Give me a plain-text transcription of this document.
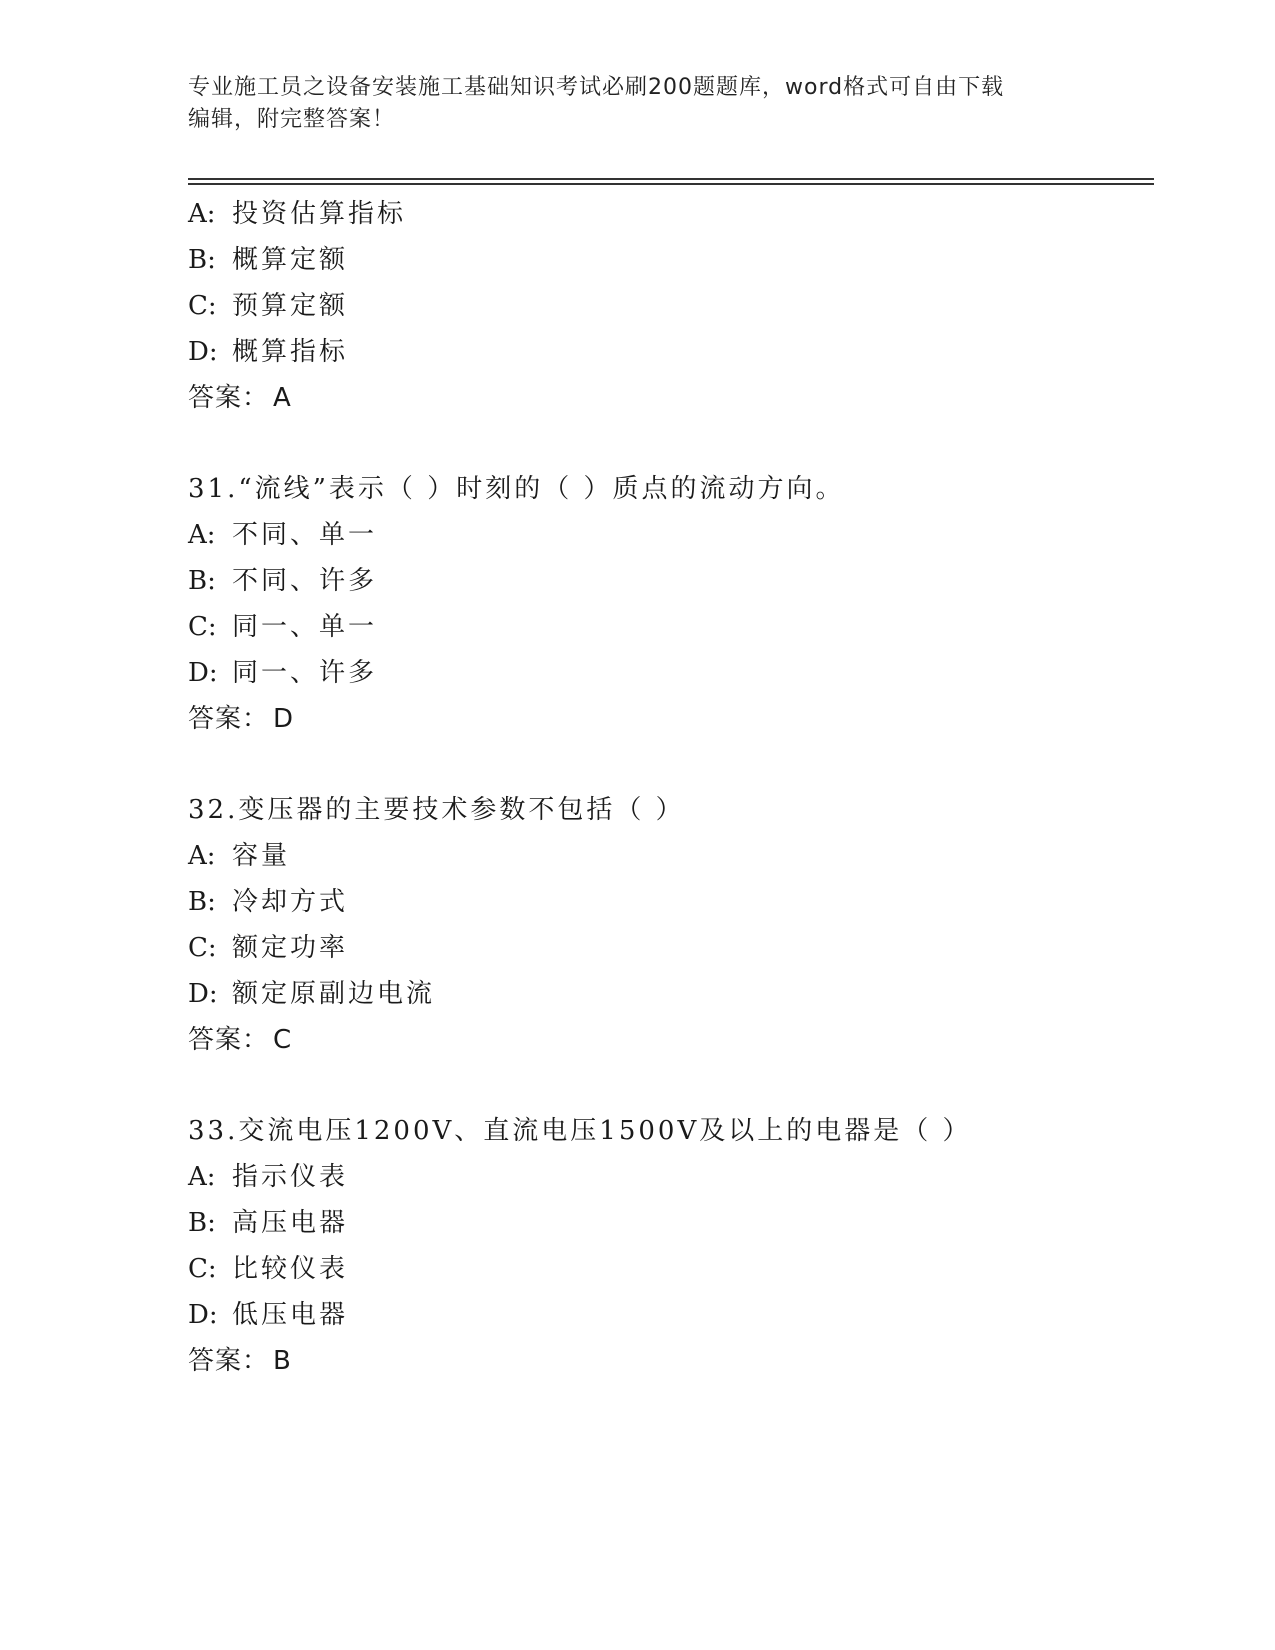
专业施工员之设备安装施工基础知识考试必刷200题题库，word格式可自由下载
编辑，附完整答案！
A: 投资估算指标
B: 概算定额
C: 预算定额
D: 概算指标
答案： A
31.“流线”表示（ ）时刻的（ ）质点的流动方向。
A: 不同、单一
B: 不同、许多
C: 同一、单一
D: 同一、许多
答案： D
32.变压器的主要技术参数不包括（ ）
A: 容量
B: 冷却方式
C: 额定功率
D: 额定原副边电流
答案： C
33.交流电压1200V、直流电压1500V及以上的电器是（ ）
A: 指示仪表
B: 高压电器
C: 比较仪表
D: 低压电器
答案： B
